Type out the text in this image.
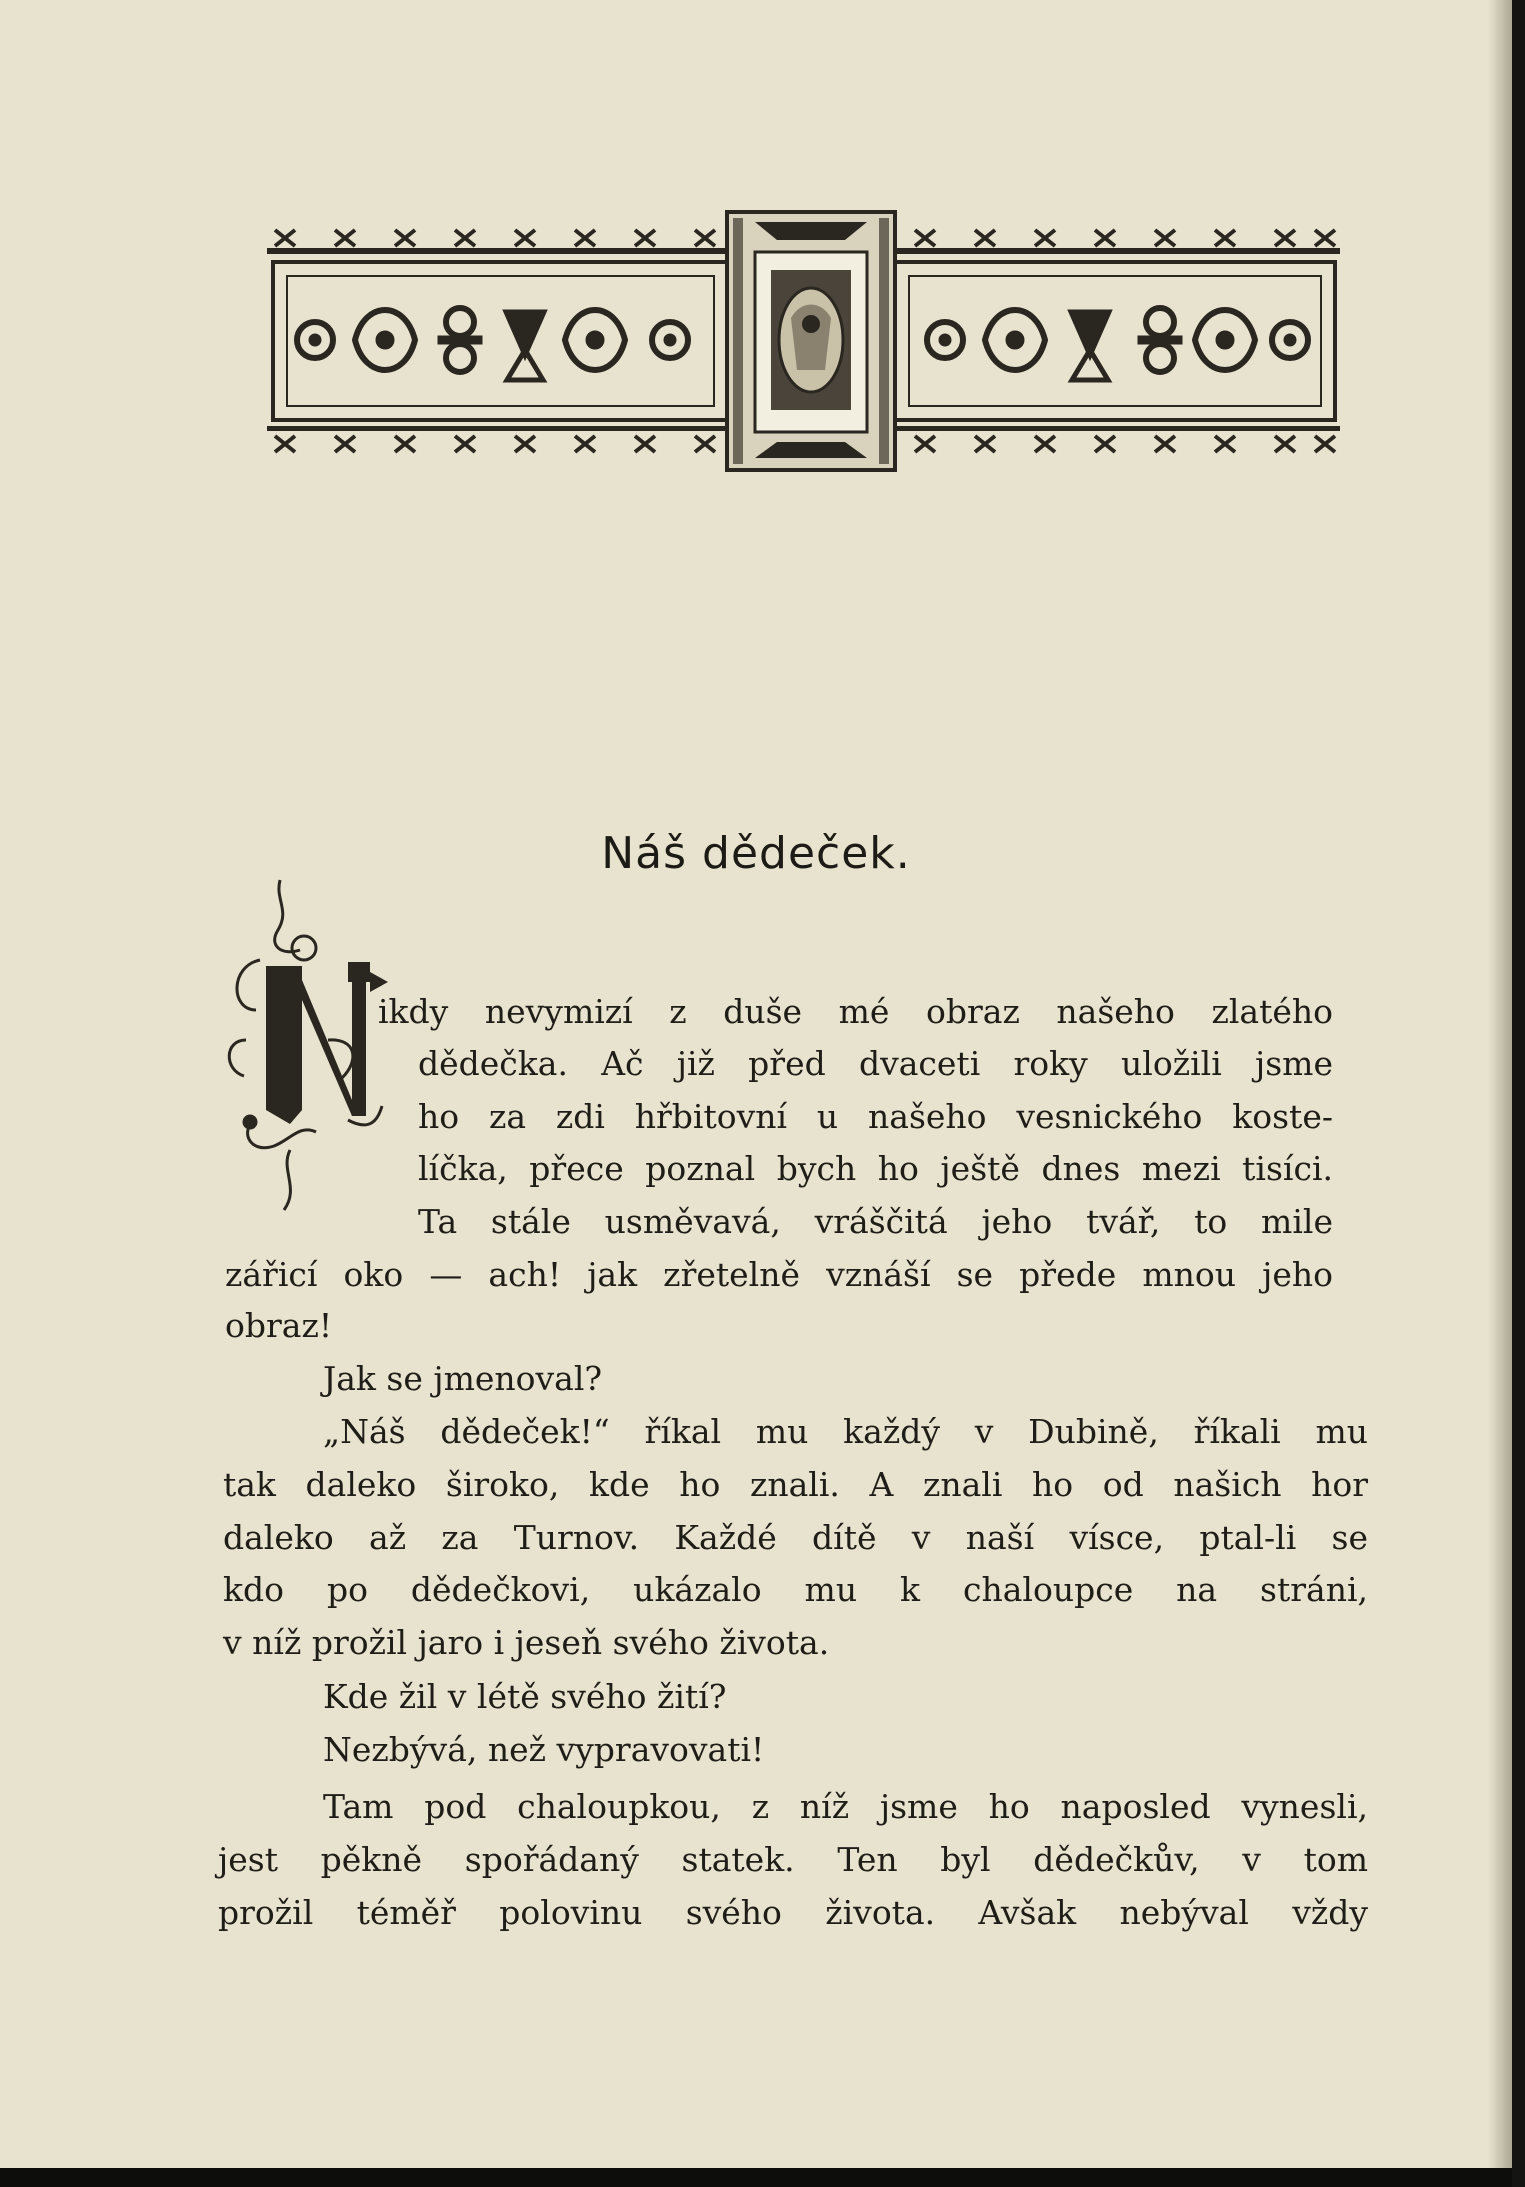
Náš dědeček.
ikdy nevymizí z duše mé obraz našeho zlatého
dědečka. Ač již před dvaceti roky uložili jsme
ho za zdi hřbitovní u našeho vesnického koste-
líčka, přece poznal bych ho ještě dnes mezi tisíci.
Ta stále usměvavá, vráščitá jeho tvář, to mile
zářicí oko — ach! jak zřetelně vznáší se přede mnou jeho
obraz!
Jak se jmenoval?
„Náš dědeček!“ říkal mu každý v Dubině, říkali mu
tak daleko široko, kde ho znali. A znali ho od našich hor
daleko až za Turnov. Každé dítě v naší víscе, ptal-li se
kdo po dědečkovi, ukázalo mu k chaloupce na stráni,
v níž prožil jaro i jeseň svého života.
Kde žil v létě svého žití?
Nezbývá, než vypravovati!
Tam pod chaloupkou, z níž jsme ho naposled vynesli,
jest pěkně spořádaný statek. Ten byl dědečkův, v tom
prožil téměř polovinu svého života. Avšak nebýval vždy
